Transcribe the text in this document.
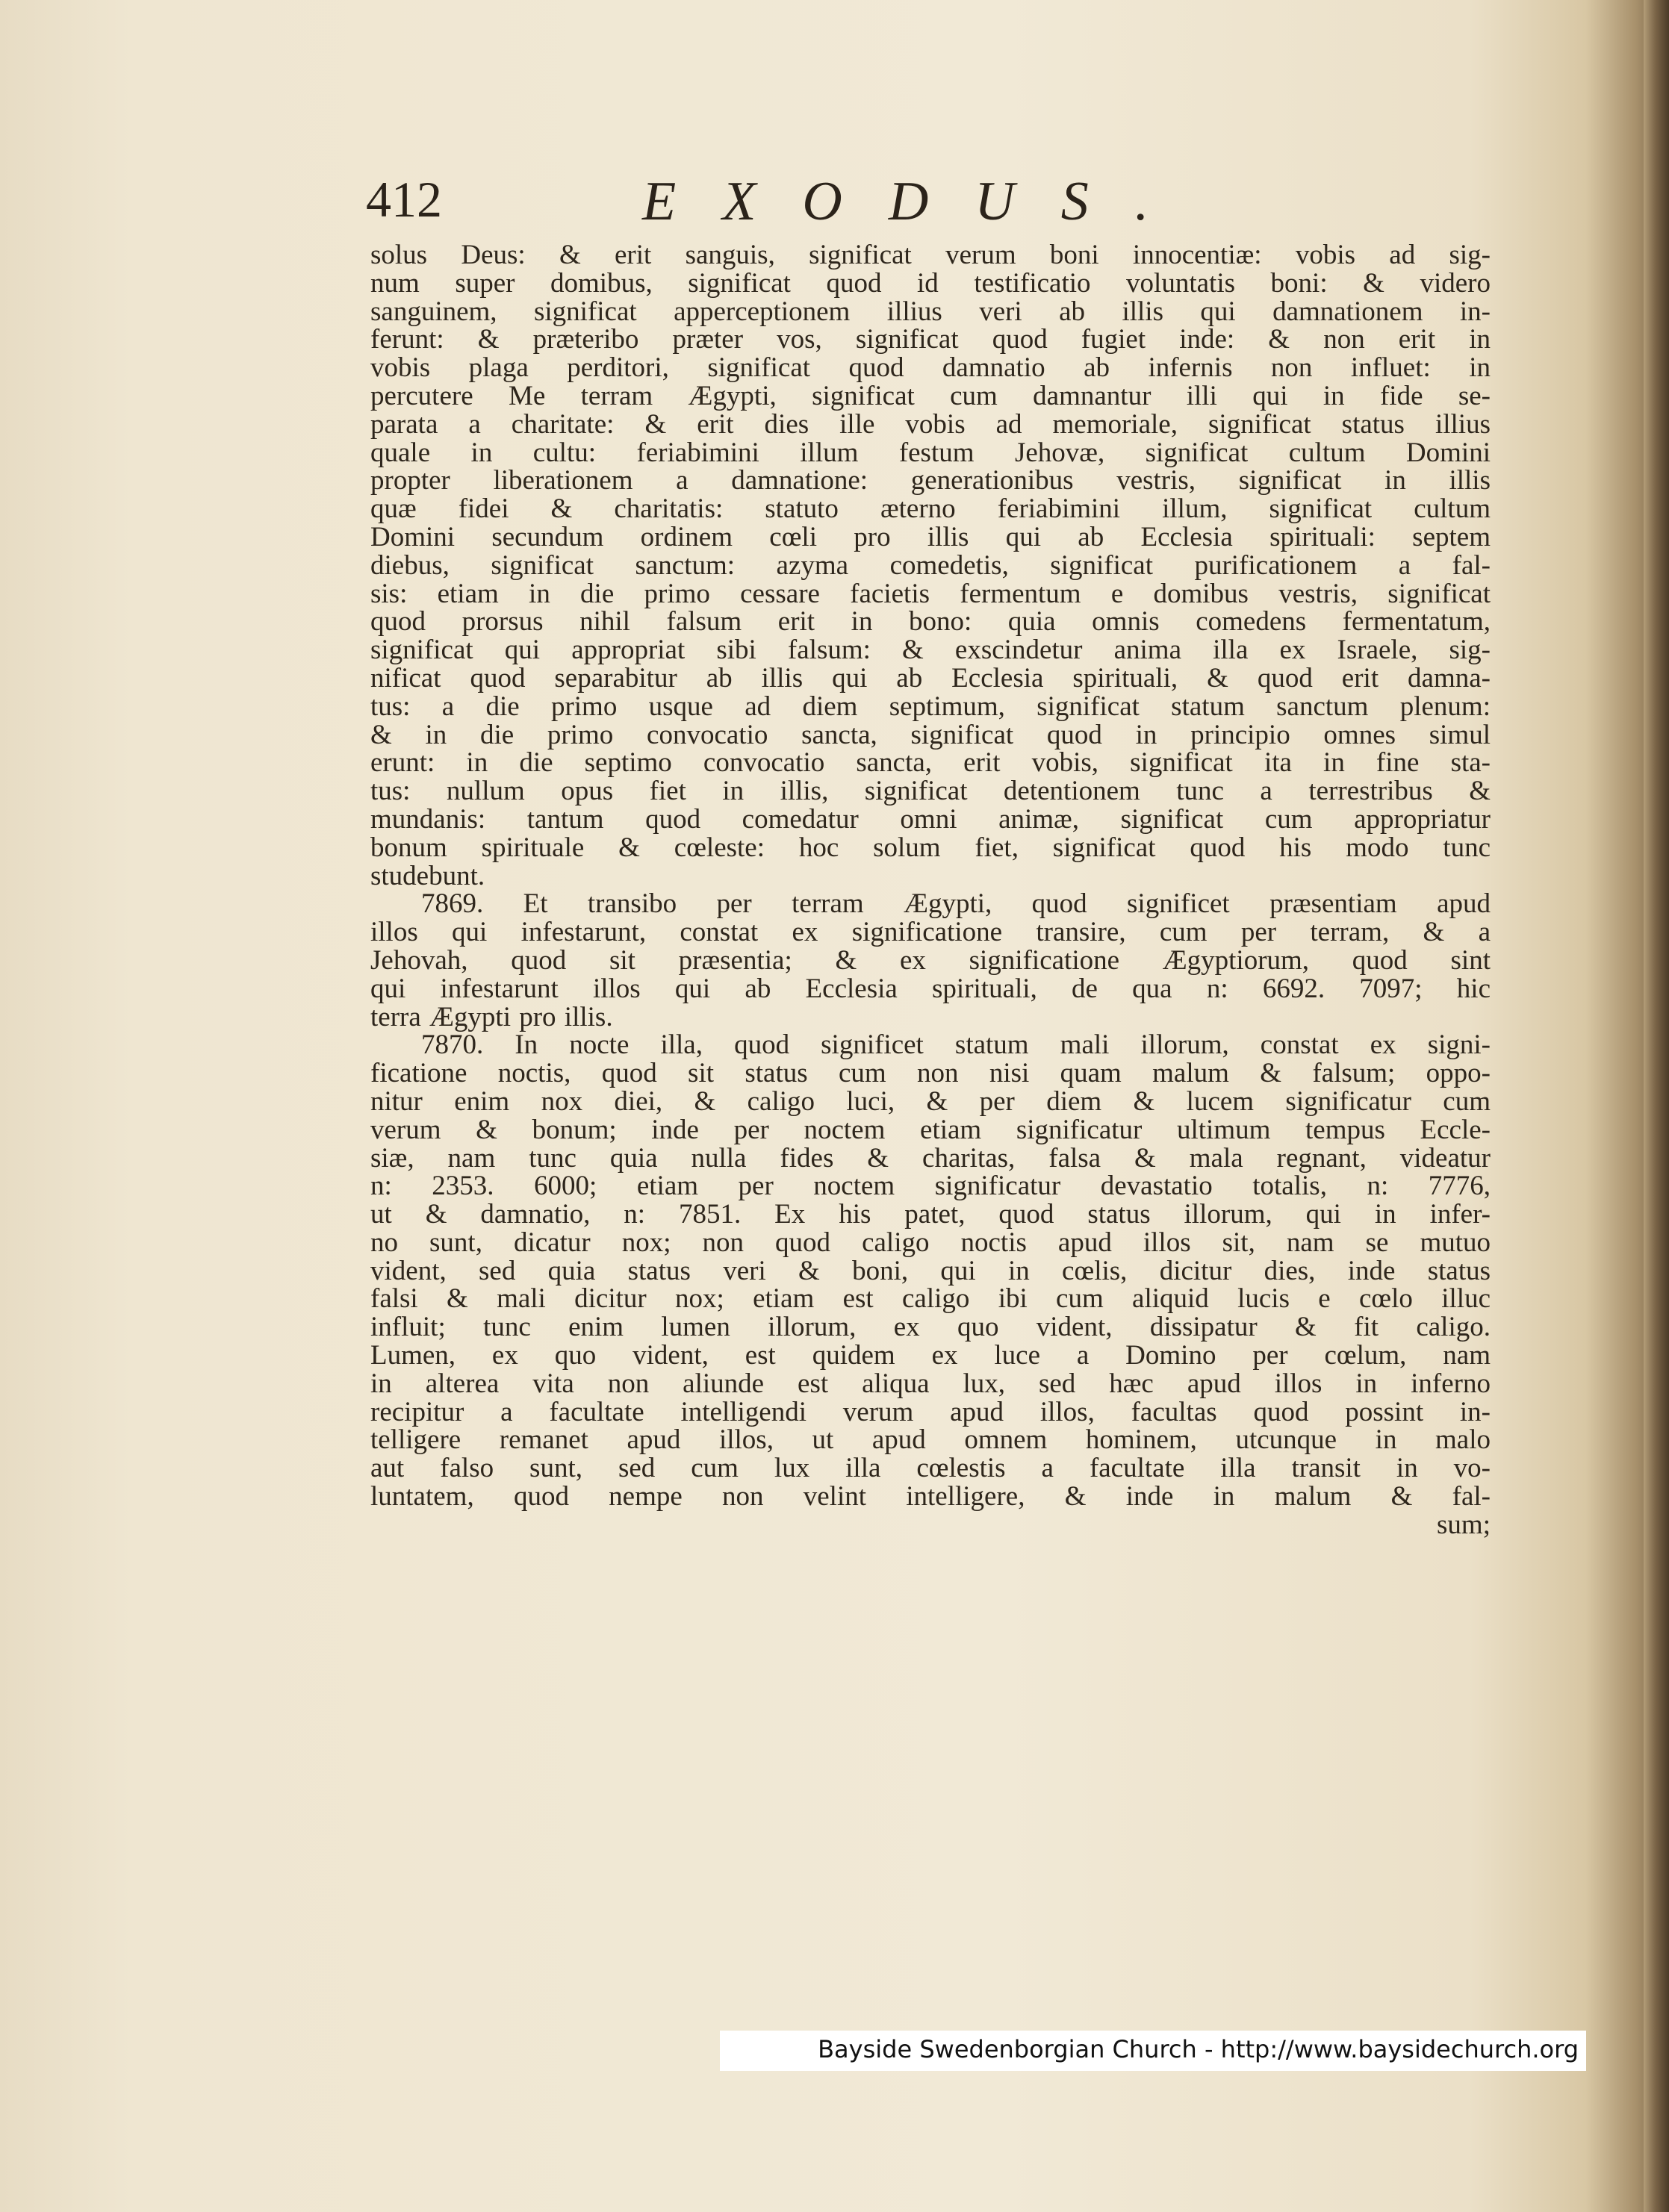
412	EXODUS.
solus Deus: & erit sanguis, significat verum boni innocentiæ: vobis ad sig-
num super domibus, significat quod id testificatio voluntatis boni: & videro
sanguinem, significat apperceptionem illius veri ab illis qui damnationem in-
ferunt: & præteribo præter vos, significat quod fugiet inde: & non erit in
vobis plaga perditori, significat quod damnatio ab infernis non influet: in
percutere Me terram Ægypti, significat cum damnantur illi qui in fide se-
parata a charitate: & erit dies ille vobis ad memoriale, significat status illius
quale in cultu: feriabimini illum festum Jehovæ, significat cultum Domini
propter liberationem a damnatione: generationibus vestris, significat in illis
quæ fidei & charitatis: statuto æterno feriabimini illum, significat cultum
Domini secundum ordinem cœli pro illis qui ab Ecclesia spirituali: septem
diebus, significat sanctum: azyma comedetis, significat purificationem a fal-
sis: etiam in die primo cessare facietis fermentum e domibus vestris, significat
quod prorsus nihil falsum erit in bono: quia omnis comedens fermentatum,
significat qui appropriat sibi falsum: & exscindetur anima illa ex Israele, sig-
nificat quod separabitur ab illis qui ab Ecclesia spirituali, & quod erit damna-
tus: a die primo usque ad diem septimum, significat statum sanctum plenum:
& in die primo convocatio sancta, significat quod in principio omnes simul
erunt: in die septimo convocatio sancta, erit vobis, significat ita in fine sta-
tus: nullum opus fiet in illis, significat detentionem tunc a terrestribus &
mundanis: tantum quod comedatur omni animæ, significat cum appropriatur
bonum spirituale & cœleste: hoc solum fiet, significat quod his modo tunc
studebunt.
7869. Et transibo per terram Ægypti, quod significet præsentiam apud
illos qui infestarunt, constat ex significatione transire, cum per terram, & a
Jehovah, quod sit præsentia; & ex significatione Ægyptiorum, quod sint
qui infestarunt illos qui ab Ecclesia spirituali, de qua n: 6692. 7097; hic
terra Ægypti pro illis.
7870. In nocte illa, quod significet statum mali illorum, constat ex signi-
ficatione noctis, quod sit status cum non nisi quam malum & falsum; oppo-
nitur enim nox diei, & caligo luci, & per diem & lucem significatur cum
verum & bonum; inde per noctem etiam significatur ultimum tempus Eccle-
siæ, nam tunc quia nulla fides & charitas, falsa & mala regnant, videatur
n: 2353. 6000; etiam per noctem significatur devastatio totalis, n: 7776,
ut & damnatio, n: 7851. Ex his patet, quod status illorum, qui in infer-
no sunt, dicatur nox; non quod caligo noctis apud illos sit, nam se mutuo
vident, sed quia status veri & boni, qui in cœlis, dicitur dies, inde status
falsi & mali dicitur nox; etiam est caligo ibi cum aliquid lucis e cœlo illuc
influit; tunc enim lumen illorum, ex quo vident, dissipatur & fit caligo.
Lumen, ex quo vident, est quidem ex luce a Domino per cœlum, nam
in alterea vita non aliunde est aliqua lux, sed hæc apud illos in inferno
recipitur a facultate intelligendi verum apud illos, facultas quod possint in-
telligere remanet apud illos, ut apud omnem hominem, utcunque in malo
aut falso sunt, sed cum lux illa cœlestis a facultate illa transit in vo-
luntatem, quod nempe non velint intelligere, & inde in malum & fal-
sum;
Bayside Swedenborgian Church - http://www.baysidechurch.org
